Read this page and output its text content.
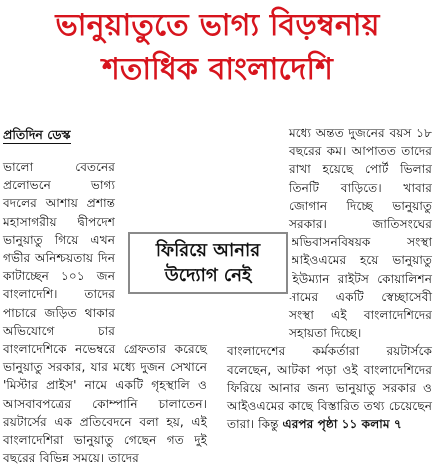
ভানুয়াতুতে ভাগ্য বিড়ম্বনায়
শতাধিক বাংলাদেশি

প্রতিদিন ডেস্ক

ভালো বেতনের প্রলোভনে ভাগ্য বদলের আশায় প্রশান্ত মহাসাগরীয় দ্বীপদেশ ভানুয়াতু গিয়ে এখন গভীর অনিশ্চয়তায় দিন কাটাচ্ছেন ১০১ জন বাংলাদেশি। তাদের পাচারে জড়িত থাকার অভিযোগে চার বাংলাদেশিকে নভেম্বরে গ্রেফতার করেছে ভানুয়াতু সরকার, যার মধ্যে দুজন সেখানে 'মিস্টার প্রাইস' নামে একটি গৃহস্থালি ও আসবাবপত্রের কোম্পানি চালাতেন। রয়টার্সের এক প্রতিবেদনে বলা হয়, এই বাংলাদেশিরা ভানুয়াতু গেছেন গত দুই বছরের বিভিন্ন সময়ে। তাদের

মধ্যে অন্তত দুজনের বয়স ১৮ বছরের কম। আপাতত তাদের রাখা হয়েছে পোর্ট ভিলার তিনটি বাড়িতে। খাবার জোগান দিচ্ছে ভানুয়াতু সরকার। জাতিসংঘের অভিবাসনবিষয়ক সংস্থা আইওএমের হয়ে ভানুয়াতু হিউম্যান রাইটস কোয়ালিশন নামের একটি স্বেচ্ছাসেবী সংস্থা এই বাংলাদেশিদের সহায়তা দিচ্ছে।

বাংলাদেশের কর্মকর্তারা রয়টার্সকে বলেছেন, আটকা পড়া ওই বাংলাদেশিদের ফিরিয়ে আনার জন্য ভানুয়াতু সরকার ও আইওএমের কাছে বিস্তারিত তথ্য চেয়েছেন তারা। কিন্তু এরপর পৃষ্ঠা ১১ কলাম ৭

ফিরিয়ে আনার
উদ্যোগ নেই
